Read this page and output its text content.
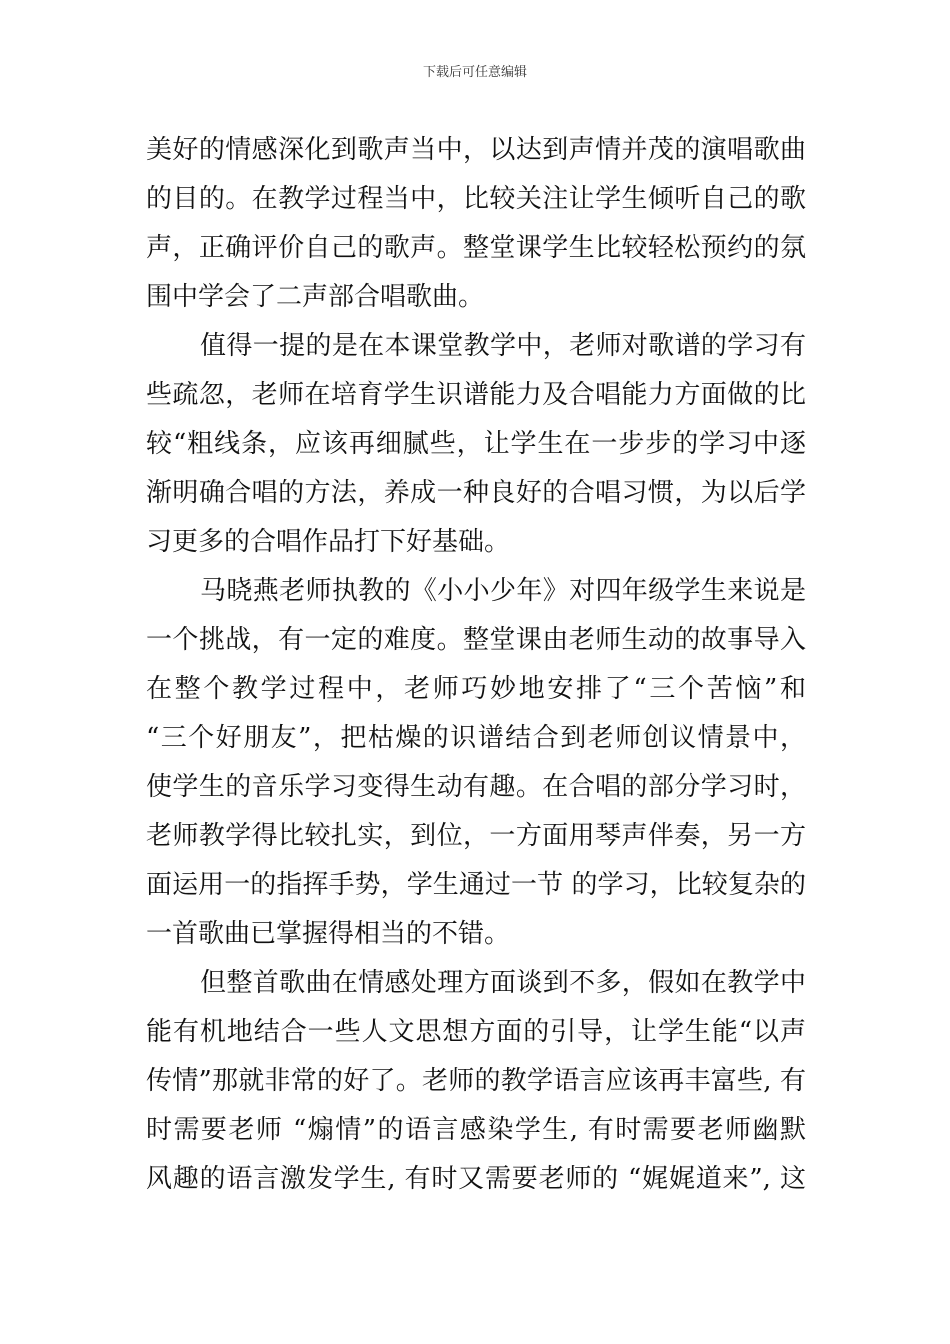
下载后可任意编辑
美好的情感深化到歌声当中，以达到声情并茂的演唱歌曲
的目的。在教学过程当中，比较关注让学生倾听自己的歌
声，正确评价自己的歌声。整堂课学生比较轻松预约的氛
围中学会了二声部合唱歌曲。
值得一提的是在本课堂教学中，老师对歌谱的学习有
些疏忽，老师在培育学生识谱能力及合唱能力方面做的比
较“粗线条，应该再细腻些，让学生在一步步的学习中逐
渐明确合唱的方法，养成一种良好的合唱习惯，为以后学
习更多的合唱作品打下好基础。
马晓燕老师执教的《小小少年》对四年级学生来说是
一个挑战，有一定的难度。整堂课由老师生动的故事导入
在整个教学过程中，老师巧妙地安排了“三个苦恼”和
“三个好朋友”，把枯燥的识谱结合到老师创议情景中，
使学生的音乐学习变得生动有趣。在合唱的部分学习时，
老师教学得比较扎实，到位，一方面用琴声伴奏，另一方
面运用一的指挥手势，学生通过一节 的学习，比较复杂的
一首歌曲已掌握得相当的不错。
但整首歌曲在情感处理方面谈到不多，假如在教学中
能有机地结合一些人文思想方面的引导，让学生能“以声
传情”那就非常的好了。老师的教学语言应该再丰富些, 有
时需要老师 “煽情”的语言感染学生, 有时需要老师幽默
风趣的语言激发学生, 有时又需要老师的 “娓娓道来”, 这
